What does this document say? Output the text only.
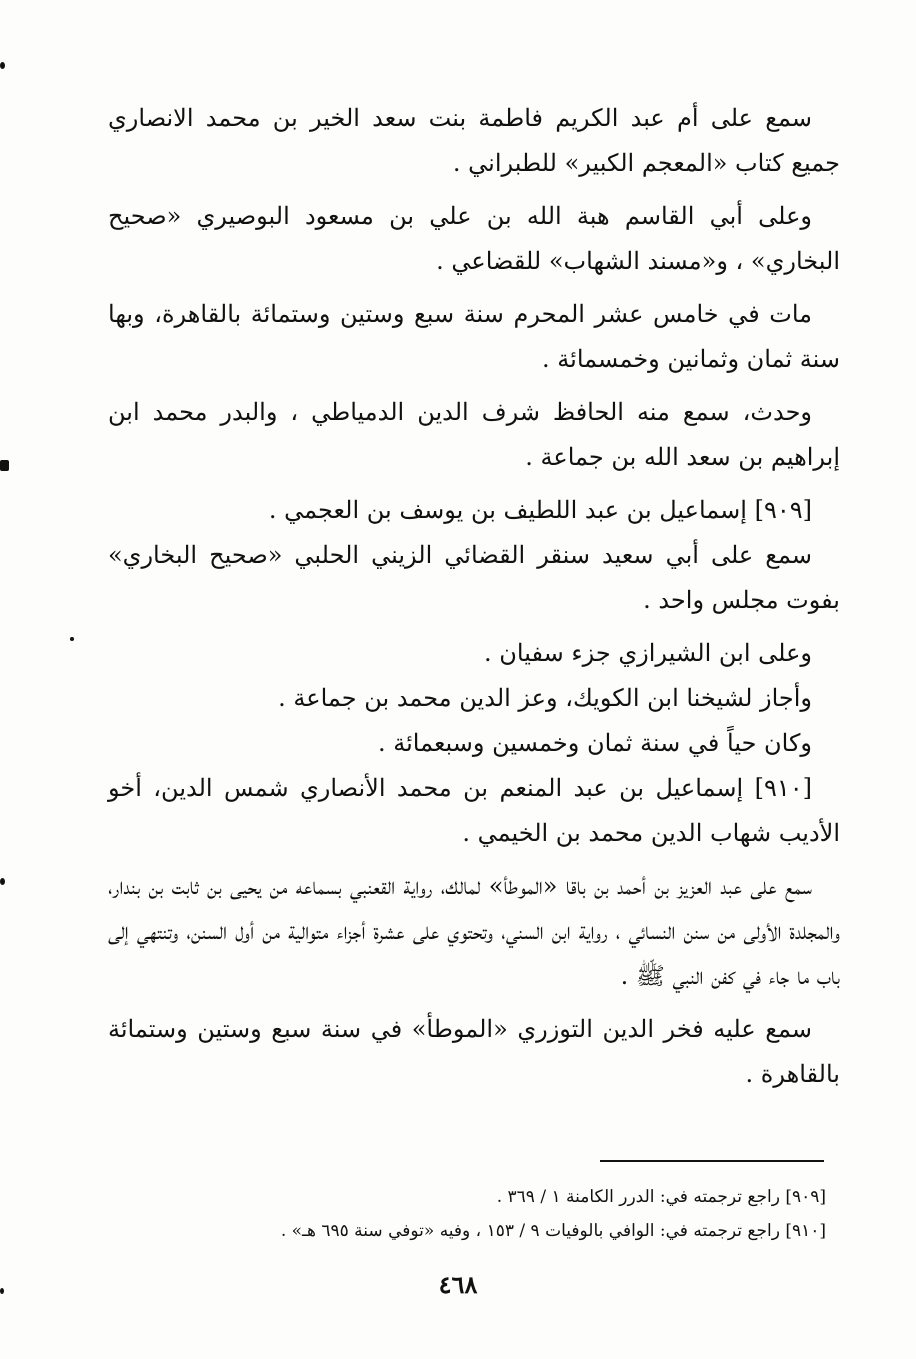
سمع على أم عبد الكريم فاطمة بنت سعد الخير بن محمد الانصاري جميع كتاب «المعجم الكبير» للطبراني .

وعلى أبي القاسم هبة الله بن علي بن مسعود البوصيري «صحيح البخاري» ، و«مسند الشهاب» للقضاعي .

مات في خامس عشر المحرم سنة سبع وستين وستمائة بالقاهرة، وبها سنة ثمان وثمانين وخمسمائة .

وحدث، سمع منه الحافظ شرف الدين الدمياطي ، والبدر محمد ابن إبراهيم بن سعد الله بن جماعة .

[٩٠٩] إسماعيل بن عبد اللطيف بن يوسف بن العجمي .

سمع على أبي سعيد سنقر القضائي الزيني الحلبي «صحيح البخاري» بفوت مجلس واحد .

وعلى ابن الشيرازي جزء سفيان .

وأجاز لشيخنا ابن الكويك، وعز الدين محمد بن جماعة .

وكان حياً في سنة ثمان وخمسين وسبعمائة .

[٩١٠] إسماعيل بن عبد المنعم بن محمد الأنصاري شمس الدين، أخو الأديب شهاب الدين محمد بن الخيمي .

سمع على عبد العزيز بن أحمد بن باقا «الموطأ» لمالك، رواية القعنبي بسماعه من يحيى بن ثابت بن بندار، والمجلدة الأولى من سنن النسائي ، رواية ابن السني، وتحتوي على عشرة أجزاء متوالية من أول السنن، وتنتهي إلى باب ما جاء في كفن النبي ﷺ .

سمع عليه فخر الدين التوزري «الموطأ» في سنة سبع وستين وستمائة بالقاهرة .

[٩٠٩] راجع ترجمته في: الدرر الكامنة ١ / ٣٦٩ .

[٩١٠] راجع ترجمته في: الوافي بالوفيات ٩ / ١٥٣ ، وفيه «توفي سنة ٦٩٥ هـ» .

٤٦٨
